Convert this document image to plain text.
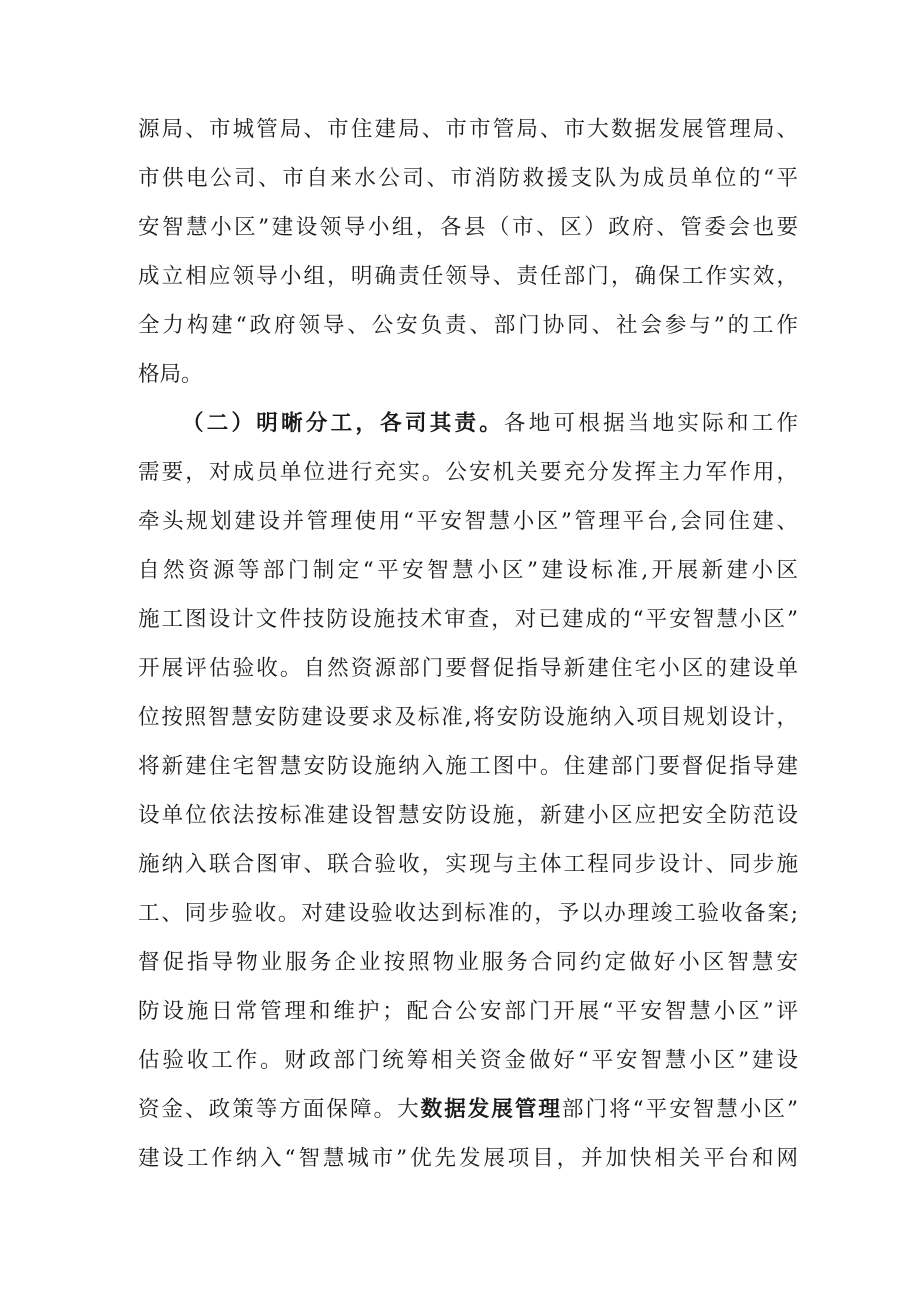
源局、市城管局、市住建局、市市管局、市大数据发展管理局、
市供电公司、市自来水公司、市消防救援支队为成员单位的“平
安智慧小区”建设领导小组，各县（市、区）政府、管委会也要
成立相应领导小组，明确责任领导、责任部门，确保工作实效，
全力构建“政府领导、公安负责、部门协同、社会参与”的工作
格局。
（二）明晰分工，各司其责。各地可根据当地实际和工作
需要，对成员单位进行充实。公安机关要充分发挥主力军作用，
牵头规划建设并管理使用“平安智慧小区”管理平台,会同住建、
自然资源等部门制定“平安智慧小区”建设标准,开展新建小区
施工图设计文件技防设施技术审查，对已建成的“平安智慧小区”
开展评估验收。自然资源部门要督促指导新建住宅小区的建设单
位按照智慧安防建设要求及标准,将安防设施纳入项目规划设计，
将新建住宅智慧安防设施纳入施工图中。住建部门要督促指导建
设单位依法按标准建设智慧安防设施，新建小区应把安全防范设
施纳入联合图审、联合验收，实现与主体工程同步设计、同步施
工、同步验收。对建设验收达到标准的，予以办理竣工验收备案;
督促指导物业服务企业按照物业服务合同约定做好小区智慧安
防设施日常管理和维护；配合公安部门开展“平安智慧小区”评
估验收工作。财政部门统筹相关资金做好“平安智慧小区”建设
资金、政策等方面保障。大数据发展管理部门将“平安智慧小区”
建设工作纳入“智慧城市”优先发展项目，并加快相关平台和网
